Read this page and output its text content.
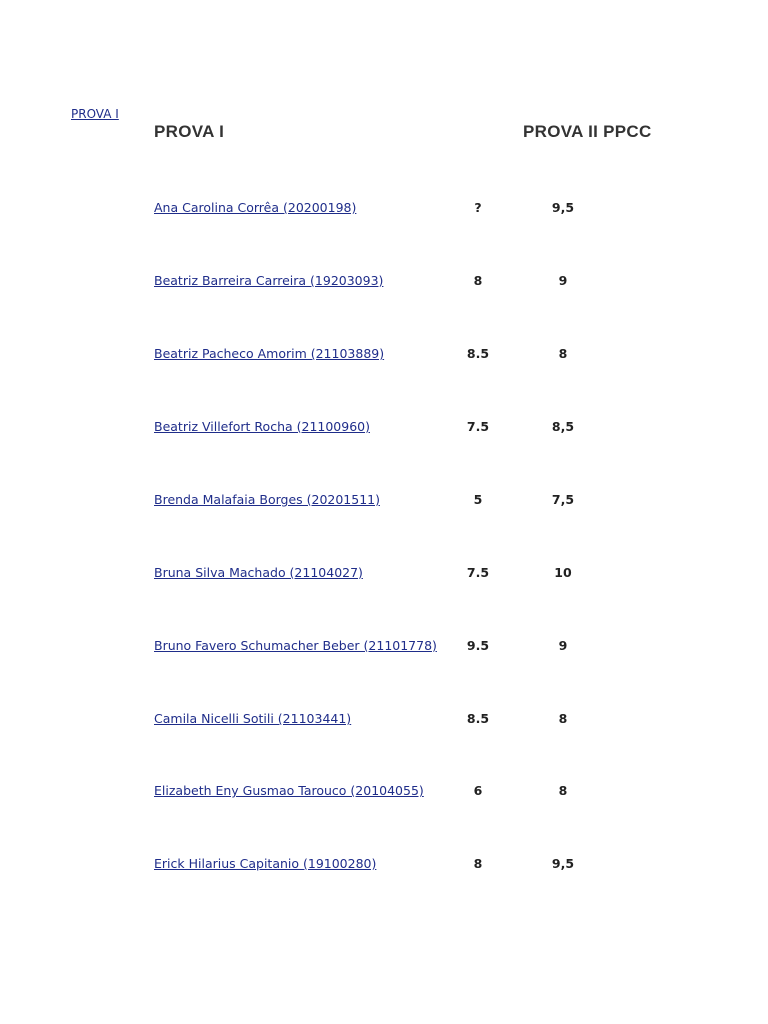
PROVA I
PROVA I	PROVA II PPCC
Ana Carolina Corrêa (20200198)	?	9,5
Beatriz Barreira Carreira (19203093)	8	9
Beatriz Pacheco Amorim (21103889)	8.5	8
Beatriz Villefort Rocha (21100960)	7.5	8,5
Brenda Malafaia Borges (20201511)	5	7,5
Bruna Silva Machado (21104027)	7.5	10
Bruno Favero Schumacher Beber (21101778)	9.5	9
Camila Nicelli Sotili (21103441)	8.5	8
Elizabeth Eny Gusmao Tarouco (20104055)	6	8
Erick Hilarius Capitanio (19100280)	8	9,5
